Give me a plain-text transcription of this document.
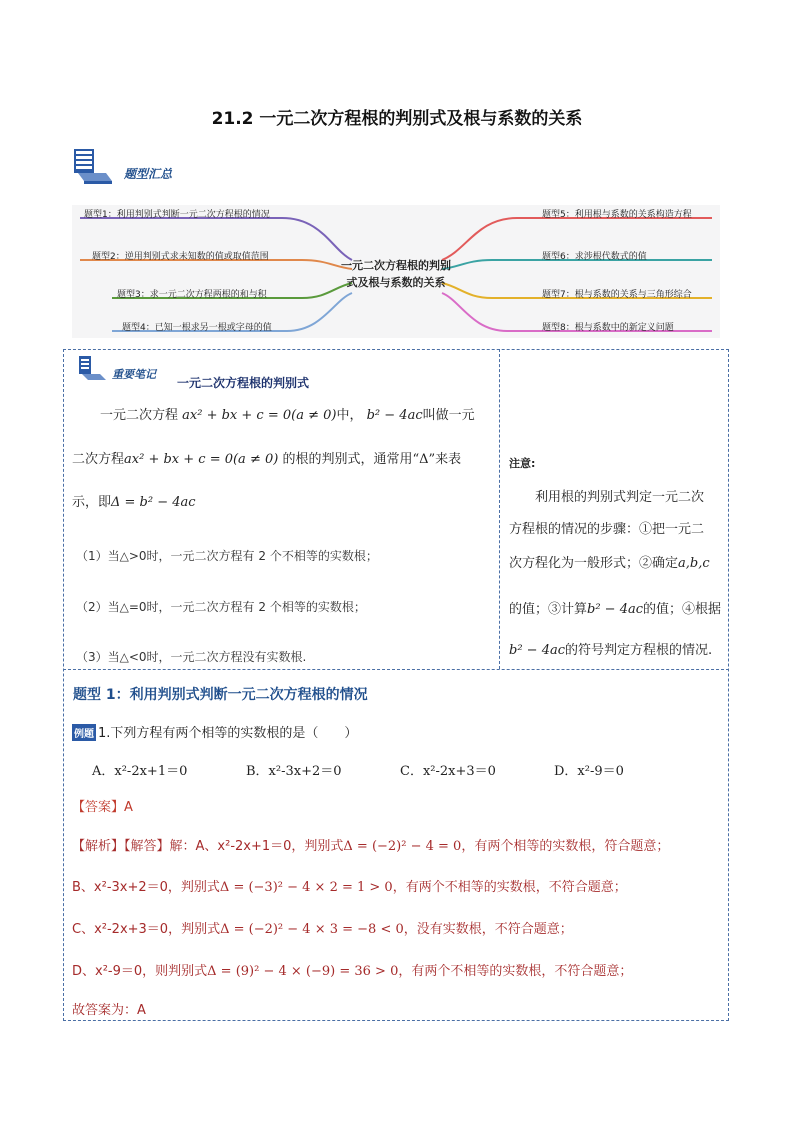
21.2 一元二次方程根的判别式及根与系数的关系
题型汇总
题型1：利用判别式判断一元二次方程根的情况
题型2：逆用判别式求未知数的值或取值范围
题型3：求一元二次方程两根的和与积
题型4：已知一根求另一根或字母的值
题型5：利用根与系数的关系构造方程
题型6：求涉根代数式的值
题型7：根与系数的关系与三角形综合
题型8：根与系数中的新定义问题
一元二次方程根的判别
式及根与系数的关系
重要笔记
一元二次方程根的判别式
一元二次方程 ax² + bx + c = 0(a ≠ 0)中， b² − 4ac叫做一元
二次方程ax² + bx + c = 0(a ≠ 0) 的根的判别式，通常用“Δ”来表
示，即Δ = b² − 4ac
（1）当△>0时，一元二次方程有 2 个不相等的实数根；
（2）当△=0时，一元二次方程有 2 个相等的实数根；
（3）当△<0时，一元二次方程没有实数根.
注意:
利用根的判别式判定一元二次
方程根的情况的步骤：①把一元二
次方程化为一般形式；②确定a,b,c
的值；③计算b² − 4ac的值；④根据
b² − 4ac的符号判定方程根的情况.
题型 1：利用判别式判断一元二次方程根的情况
例题 1.下列方程有两个相等的实数根的是（　　）
A．x²-2x+1＝0	B．x²-3x+2＝0	C．x²-2x+3＝0	D．x²-9＝0
【答案】A
【解析】【解答】解：A、x²-2x+1＝0，判别式Δ = (−2)² − 4 = 0，有两个相等的实数根，符合题意；
B、x²-3x+2＝0，判别式Δ = (−3)² − 4 × 2 = 1 > 0，有两个不相等的实数根，不符合题意；
C、x²-2x+3＝0，判别式Δ = (−2)² − 4 × 3 = −8 < 0，没有实数根，不符合题意；
D、x²-9＝0，则判别式Δ = (9)² − 4 × (−9) = 36 > 0，有两个不相等的实数根，不符合题意；
故答案为：A
